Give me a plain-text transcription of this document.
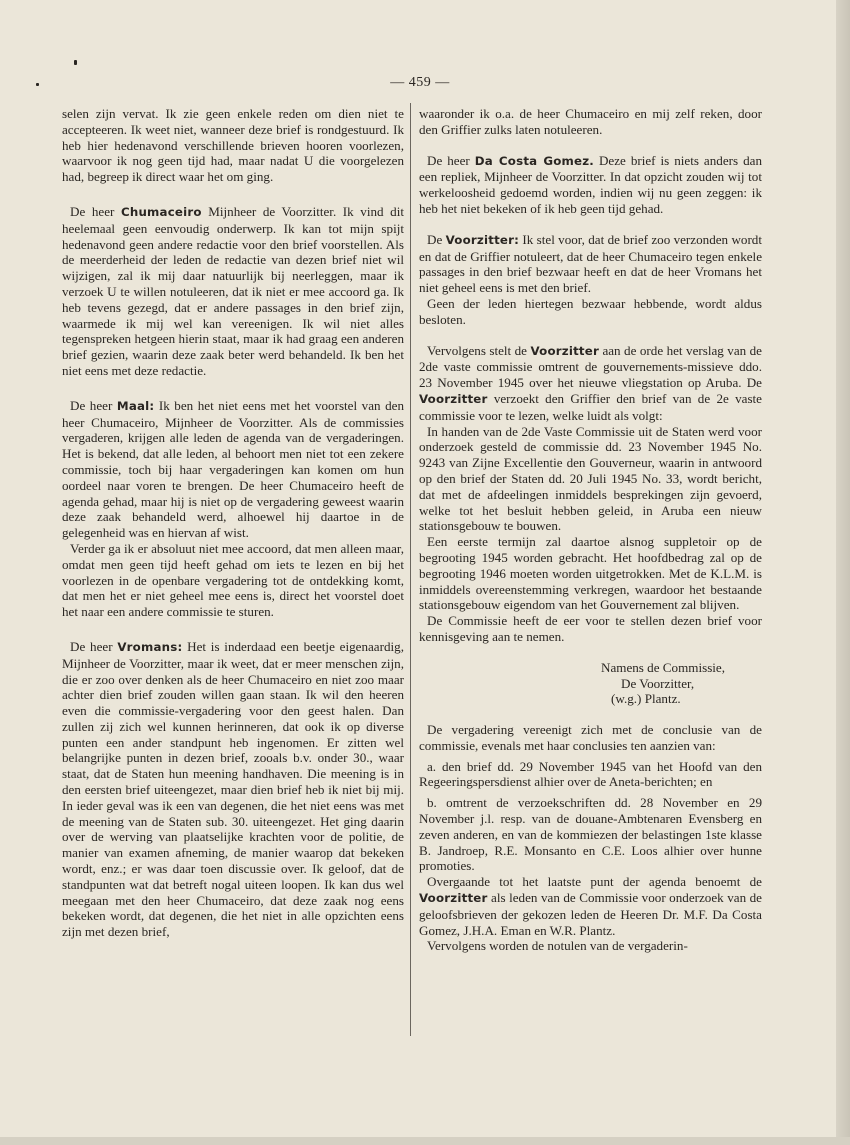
— 459 —

selen zijn vervat. Ik zie geen enkele reden om dien niet te accepteeren. Ik weet niet, wanneer deze brief is rondgestuurd. Ik heb hier hedenavond verschillende brieven hooren voorlezen, waarvoor ik nog geen tijd had, maar nadat U die voorgelezen had, begreep ik direct waar het om ging.

De heer Chumaceiro Mijnheer de Voorzitter. Ik vind dit heelemaal geen eenvoudig onderwerp. Ik kan tot mijn spijt hedenavond geen andere redactie voor den brief voorstellen. Als de meerderheid der leden de redactie van dezen brief niet wil wijzigen, zal ik mij daar natuurlijk bij neerleggen, maar ik verzoek U te willen notuleeren, dat ik niet er mee accoord ga. Ik heb tevens gezegd, dat er andere passages in den brief zijn, waarmede ik mij wel kan vereenigen. Ik wil niet alles tegenspreken hetgeen hierin staat, maar ik had graag een anderen brief gezien, waarin deze zaak beter werd behandeld. Ik ben het niet eens met deze redactie.

De heer Maal: Ik ben het niet eens met het voorstel van den heer Chumaceiro, Mijnheer de Voorzitter. Als de commissies vergaderen, krijgen alle leden de agenda van de vergaderingen. Het is bekend, dat alle leden, al behoort men niet tot een zekere commissie, toch bij haar vergaderingen kan komen om hun oordeel naar voren te brengen. De heer Chumaceiro heeft de agenda gehad, maar hij is niet op de vergadering geweest waarin deze zaak behandeld werd, alhoewel hij daartoe in de gelegenheid was en hiervan af wist.

Verder ga ik er absoluut niet mee accoord, dat men alleen maar, omdat men geen tijd heeft gehad om iets te lezen en bij het voorlezen in de openbare vergadering tot de ontdekking komt, dat men het er niet geheel mee eens is, direct het voorstel doet het naar een andere commissie te sturen.

De heer Vromans: Het is inderdaad een beetje eigenaardig, Mijnheer de Voorzitter, maar ik weet, dat er meer menschen zijn, die er zoo over denken als de heer Chumaceiro en niet zoo maar achter dien brief zouden willen gaan staan. Ik wil den heeren even die commissie-vergadering voor den geest halen. Dan zullen zij zich wel kunnen herinneren, dat ook ik op diverse punten een ander standpunt heb ingenomen. Er zitten wel belangrijke punten in dezen brief, zooals b.v. onder 30., waar staat, dat de Staten hun meening handhaven. Die meening is in den eersten brief uiteengezet, maar dien brief heb ik niet bij mij. In ieder geval was ik een van degenen, die het niet eens was met de meening van de Staten sub. 30. uiteengezet. Het ging daarin over de werving van plaatselijke krachten voor de politie, de manier van examen afneming, de manier waarop dat bekeken wordt, enz.; er was daar toen discussie over. Ik geloof, dat de standpunten wat dat betreft nogal uiteen loopen. Ik kan dus wel meegaan met den heer Chumaceiro, dat deze zaak nog eens bekeken wordt, dat degenen, die het niet in alle opzichten eens zijn met dezen brief,

waaronder ik o.a. de heer Chumaceiro en mij zelf reken, door den Griffier zulks laten notuleeren.

De heer Da Costa Gomez. Deze brief is niets anders dan een repliek, Mijnheer de Voorzitter. In dat opzicht zouden wij tot werkeloosheid gedoemd worden, indien wij nu geen zeggen: ik heb het niet bekeken of ik heb geen tijd gehad.

De Voorzitter: Ik stel voor, dat de brief zoo verzonden wordt en dat de Griffier notuleert, dat de heer Chumaceiro tegen enkele passages in den brief bezwaar heeft en dat de heer Vromans het niet geheel eens is met den brief.

Geen der leden hiertegen bezwaar hebbende, wordt aldus besloten.

Vervolgens stelt de Voorzitter aan de orde het verslag van de 2de vaste commissie omtrent de gouvernements-missieve ddo. 23 November 1945 over het nieuwe vliegstation op Aruba. De Voorzitter verzoekt den Griffier den brief van de 2e vaste commissie voor te lezen, welke luidt als volgt:

In handen van de 2de Vaste Commissie uit de Staten werd voor onderzoek gesteld de commissie dd. 23 November 1945 No. 9243 van Zijne Excellentie den Gouverneur, waarin in antwoord op den brief der Staten dd. 20 Juli 1945 No. 33, wordt bericht, dat met de afdeelingen inmiddels besprekingen zijn gevoerd, welke tot het besluit hebben geleid, in Aruba een nieuw stationsgebouw te bouwen.

Een eerste termijn zal daartoe alsnog suppletoir op de begrooting 1945 worden gebracht. Het hoofdbedrag zal op de begrooting 1946 moeten worden uitgetrokken. Met de K.L.M. is inmiddels overeenstemming verkregen, waardoor het bestaande stationsgebouw eigendom van het Gouvernement zal blijven.

De Commissie heeft de eer voor te stellen dezen brief voor kennisgeving aan te nemen.

Namens de Commissie,
De Voorzitter,
(w.g.) Plantz.

De vergadering vereenigt zich met de conclusie van de commissie, evenals met haar conclusies ten aanzien van:

a. den brief dd. 29 November 1945 van het Hoofd van den Regeeringspersdienst alhier over de Aneta-berichten; en

b. omtrent de verzoekschriften dd. 28 November en 29 November j.l. resp. van de douane-Ambtenaren Evensberg en zeven anderen, en van de kommiezen der belastingen 1ste klasse B. Jandroep, R.E. Monsanto en C.E. Loos alhier over hunne promoties.

Overgaande tot het laatste punt der agenda benoemt de Voorzitter als leden van de Commissie voor onderzoek van de geloofsbrieven der gekozen leden de Heeren Dr. M.F. Da Costa Gomez, J.H.A. Eman en W.R. Plantz.

Vervolgens worden de notulen van de vergaderin-
